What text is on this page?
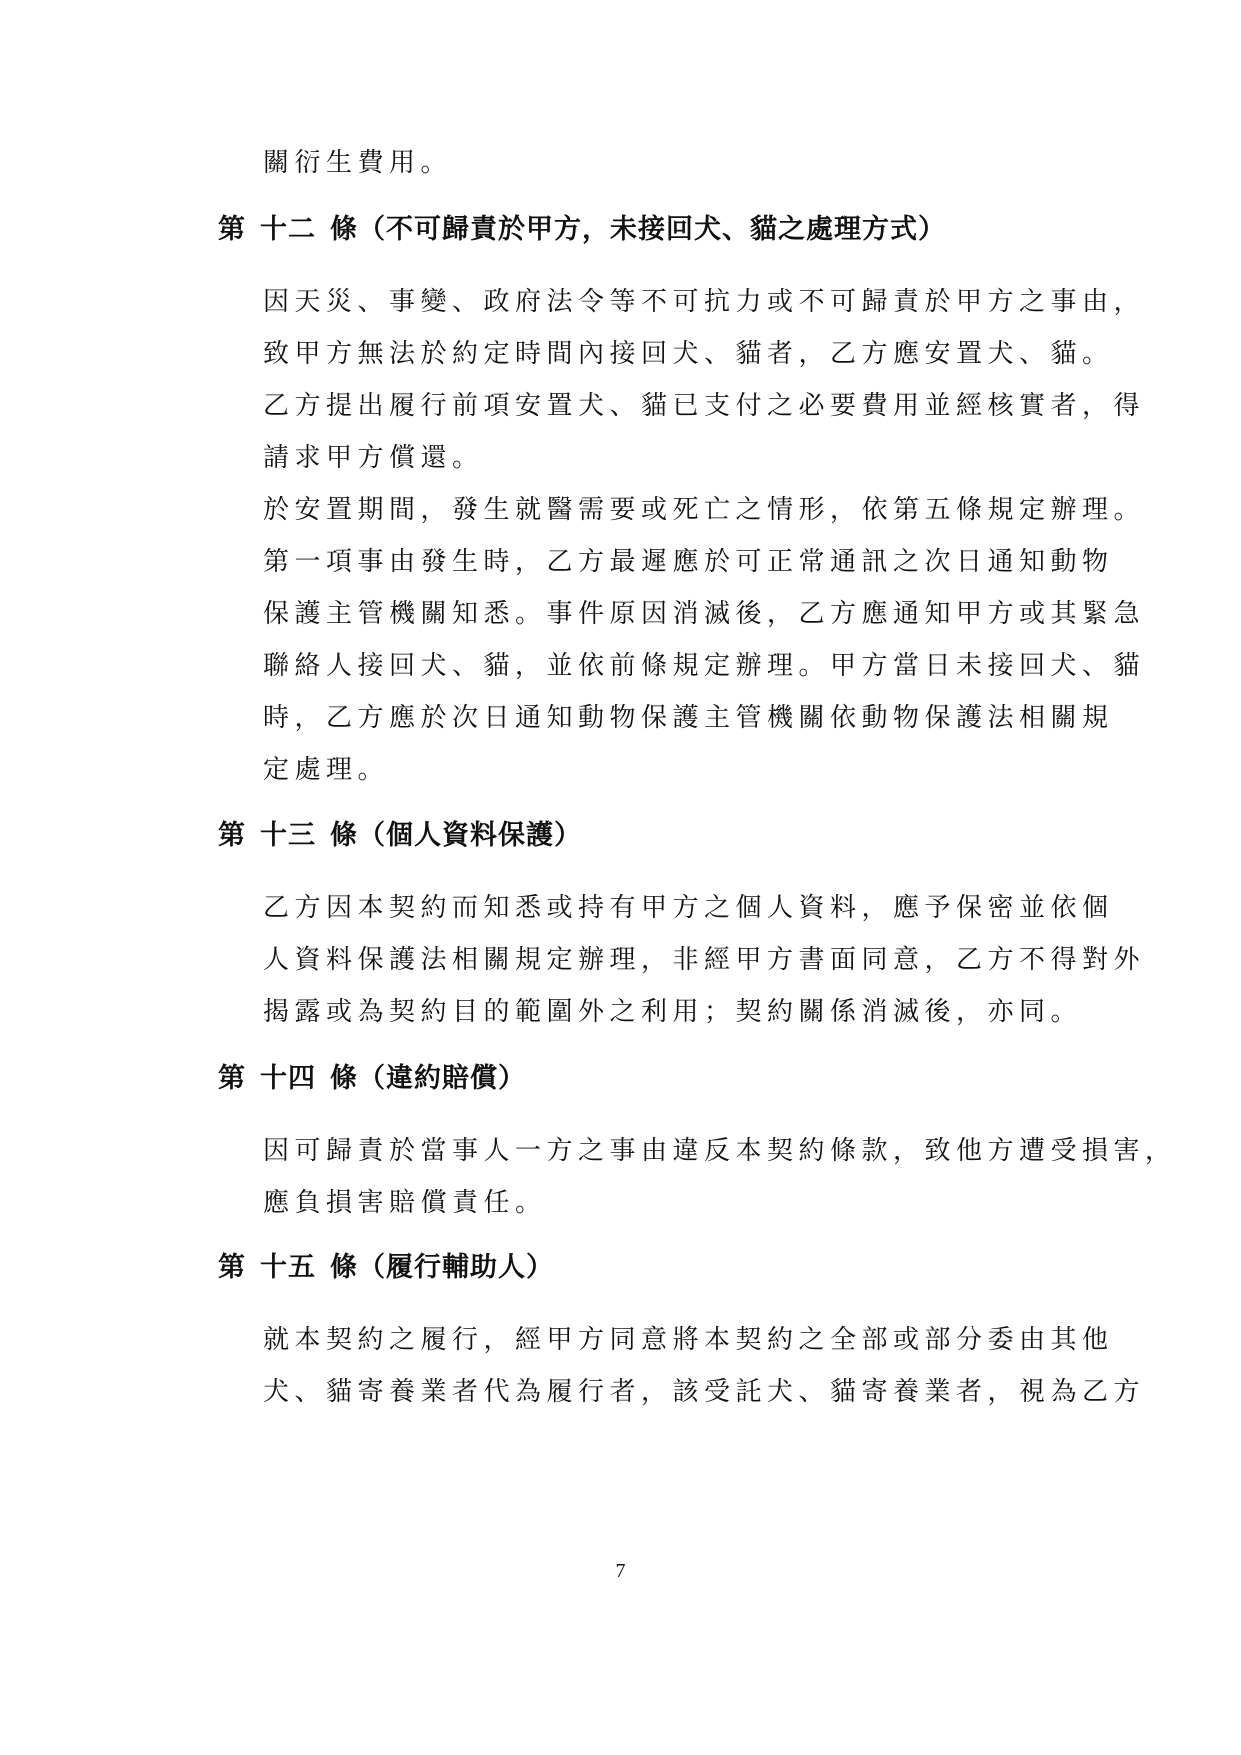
關衍生費用。
第 十二 條（不可歸責於甲方，未接回犬、貓之處理方式）
因天災、事變、政府法令等不可抗力或不可歸責於甲方之事由，
致甲方無法於約定時間內接回犬、貓者，乙方應安置犬、貓。
乙方提出履行前項安置犬、貓已支付之必要費用並經核實者，得
請求甲方償還。
於安置期間，發生就醫需要或死亡之情形，依第五條規定辦理。
第一項事由發生時，乙方最遲應於可正常通訊之次日通知動物
保護主管機關知悉。事件原因消滅後，乙方應通知甲方或其緊急
聯絡人接回犬、貓，並依前條規定辦理。甲方當日未接回犬、貓
時，乙方應於次日通知動物保護主管機關依動物保護法相關規
定處理。
第 十三 條（個人資料保護）
乙方因本契約而知悉或持有甲方之個人資料，應予保密並依個
人資料保護法相關規定辦理，非經甲方書面同意，乙方不得對外
揭露或為契約目的範圍外之利用；契約關係消滅後，亦同。
第 十四 條（違約賠償）
因可歸責於當事人一方之事由違反本契約條款，致他方遭受損害，
應負損害賠償責任。
第 十五 條（履行輔助人）
就本契約之履行，經甲方同意將本契約之全部或部分委由其他
犬、貓寄養業者代為履行者，該受託犬、貓寄養業者，視為乙方
7
